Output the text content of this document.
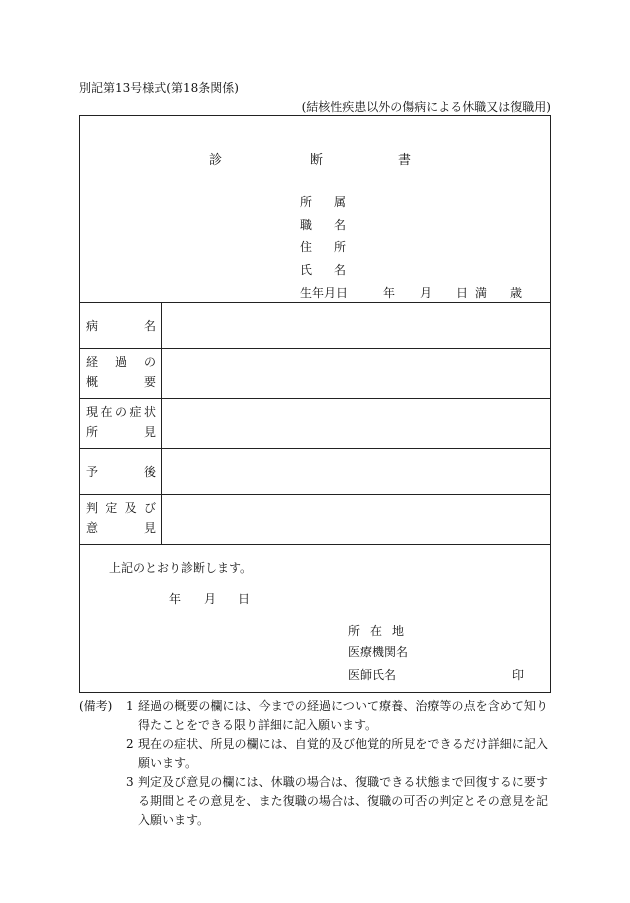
別記第13号様式(第18条関係)
(結核性疾患以外の傷病による休職又は復職用)
診	断	書
所 属
職 名
住 所
氏 名
生年月日	年 月 日 満 歳
病	名
経 過 の
概	要
現 在 の 症 状
所	見
予	後
判 定 及 び
意	見
上記のとおり診断します。
年 月 日
所 在 地
医療機関名
医師氏名	印
(備考) 1 経過の概要の欄には、今までの経過について療養、治療等の点を含めて知り得たことをできる限り詳細に記入願います。
2 現在の症状、所見の欄には、自覚的及び他覚的所見をできるだけ詳細に記入願います。
3 判定及び意見の欄には、休職の場合は、復職できる状態まで回復するに要する期間とその意見を、また復職の場合は、復職の可否の判定とその意見を記入願います。
